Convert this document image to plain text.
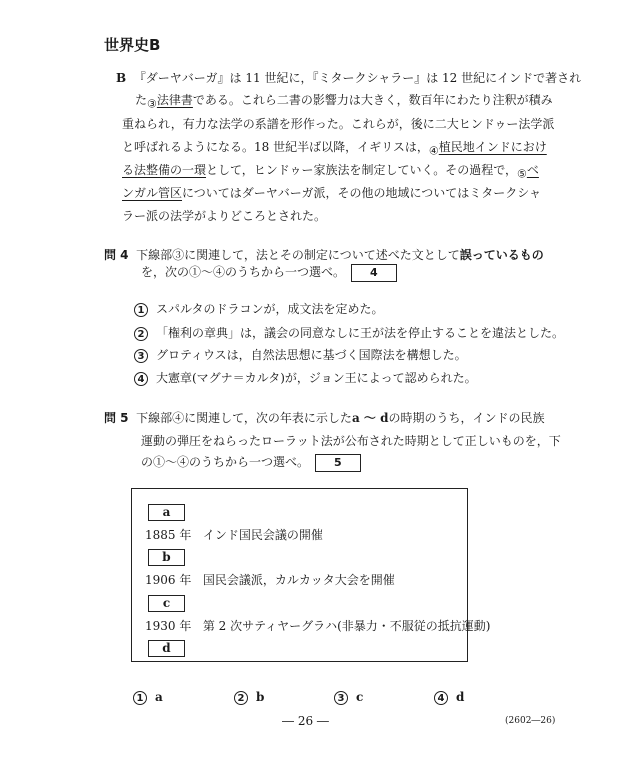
世界史B
B 『ダーヤバーガ』は 11 世紀に，『ミタークシャラー』は 12 世紀にインドで著され
た$_③$法律書である。これら二書の影響力は大きく，数百年にわたり注釈が積み
重ねられ，有力な法学の系譜を形作った。これらが，後に二大ヒンドゥー法学派
と呼ばれるようになる。18 世紀半ば以降，イギリスは，$_④$植民地インドにおけ
る法整備の一環として，ヒンドゥー家族法を制定していく。その過程で，$_⑤$ベ
ンガル管区についてはダーヤバーガ派，その他の地域についてはミタークシャ
ラー派の法学がよりどころとされた。
問 4 下線部③に関連して，法とその制定について述べた文として誤っているもの
を，次の①～④のうちから一つ選べ。 4
1 スパルタのドラコンが，成文法を定めた。
2 「権利の章典」は，議会の同意なしに王が法を停止することを違法とした。
3 グロティウスは，自然法思想に基づく国際法を構想した。
4 大憲章(マグナ＝カルタ)が，ジョン王によって認められた。
問 5 下線部④に関連して，次の年表に示したa ～ dの時期のうち，インドの民族
運動の弾圧をねらったローラット法が公布された時期として正しいものを，下
の①～④のうちから一つ選べ。 5
a
1885 年 インド国民会議の開催
b
1906 年 国民会議派，カルカッタ大会を開催
c
1930 年 第 2 次サティヤーグラハ(非暴力・不服従の抵抗運動)
d
1 a	2 b	3 c	4 d
― 26 ―	(2602―26)
